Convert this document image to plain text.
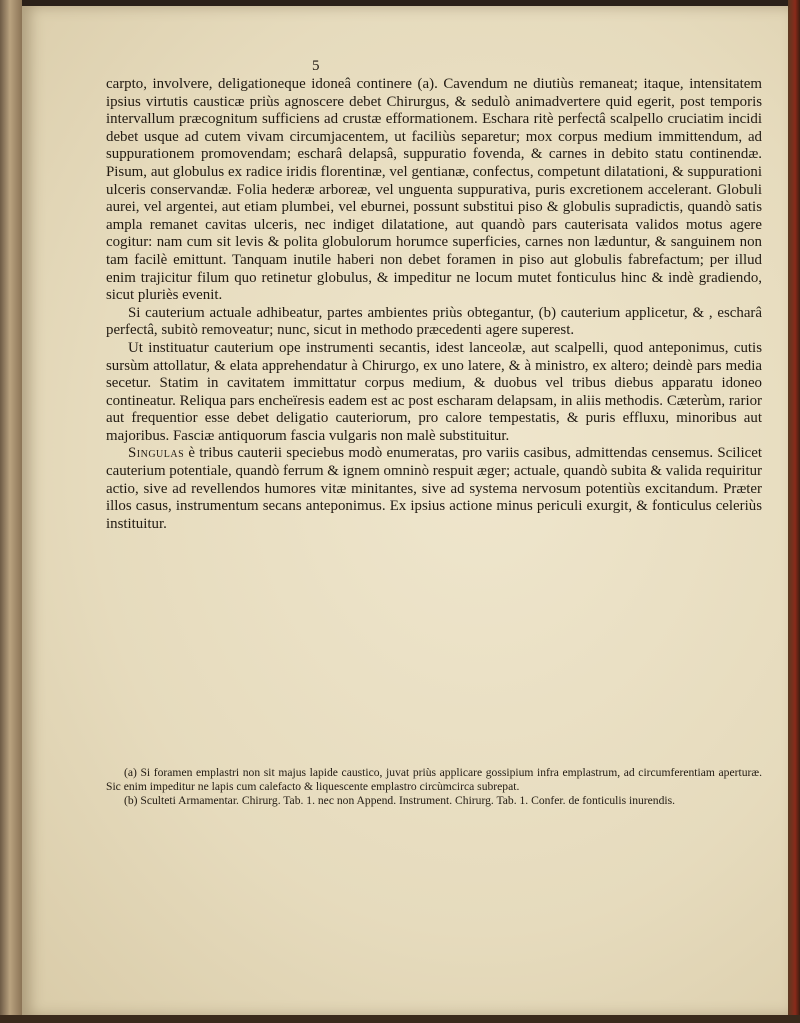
5

carpto, involvere, deligationeque idoneâ continere (a). Cavendum ne diutiùs remaneat; itaque, intensitatem ipsius virtutis causticæ priùs agnoscere debet Chirurgus, & sedulò animadvertere quid egerit, post temporis intervallum præcognitum sufficiens ad crustæ efformationem. Eschara ritè perfectâ scalpello cruciatim incidi debet usque ad cutem vivam circumjacentem, ut faciliùs separetur; mox corpus medium immittendum, ad suppurationem promovendam; escharâ delapsâ, suppuratio fovenda, & carnes in debito statu continendæ. Pisum, aut globulus ex radice iridis florentinæ, vel gentianæ, confectus, competunt dilatationi, & suppurationi ulceris conservandæ. Folia hederæ arboreæ, vel unguenta suppurativa, puris excretionem accelerant. Globuli aurei, vel argentei, aut etiam plumbei, vel eburnei, possunt substitui piso & globulis supradictis, quandò satis ampla remanet cavitas ulceris, nec indiget dilatatione, aut quandò pars cauterisata validos motus agere cogitur: nam cum sit levis & polita globulorum horumce superficies, carnes non læduntur, & sanguinem non tam facilè emittunt. Tanquam inutile haberi non debet foramen in piso aut globulis fabrefactum; per illud enim trajicitur filum quo retinetur globulus, & impeditur ne locum mutet fonticulus hinc & indè gradiendo, sicut pluriès evenit.

Si cauterium actuale adhibeatur, partes ambientes priùs obtegantur, (b) cauterium applicetur, & , escharâ perfectâ, subitò removeatur; nunc, sicut in methodo præcedenti agere superest.

Ut instituatur cauterium ope instrumenti secantis, idest lanceolæ, aut scalpelli, quod anteponimus, cutis sursùm attollatur, & elata apprehendatur à Chirurgo, ex uno latere, & à ministro, ex altero; deindè pars media secetur. Statim in cavitatem immittatur corpus medium, & duobus vel tribus diebus apparatu idoneo contineatur. Reliqua pars encheïresis eadem est ac post escharam delapsam, in aliis methodis. Cæterùm, rarior aut frequentior esse debet deligatio cauteriorum, pro calore tempestatis, & puris effluxu, minoribus aut majoribus. Fasciæ antiquorum fascia vulgaris non malè substituitur.

Singulas è tribus cauterii speciebus modò enumeratas, pro variis casibus, admittendas censemus. Scilicet cauterium potentiale, quandò ferrum & ignem omninò respuit æger; actuale, quandò subita & valida requiritur actio, sive ad revellendos humores vitæ minitantes, sive ad systema nervosum potentiùs excitandum. Præter illos casus, instrumentum secans anteponimus. Ex ipsius actione minus periculi exurgit, & fonticulus celeriùs instituitur.

(a) Si foramen emplastri non sit majus lapide caustico, juvat priùs applicare gossipium infra emplastrum, ad circumferentiam aperturæ. Sic enim impeditur ne lapis cum calefacto & liquescente emplastro circùmcirca subrepat.

(b) Sculteti Armamentar. Chirurg. Tab. 1. nec non Append. Instrument. Chirurg. Tab. 1. Confer. de fonticulis inurendis.
